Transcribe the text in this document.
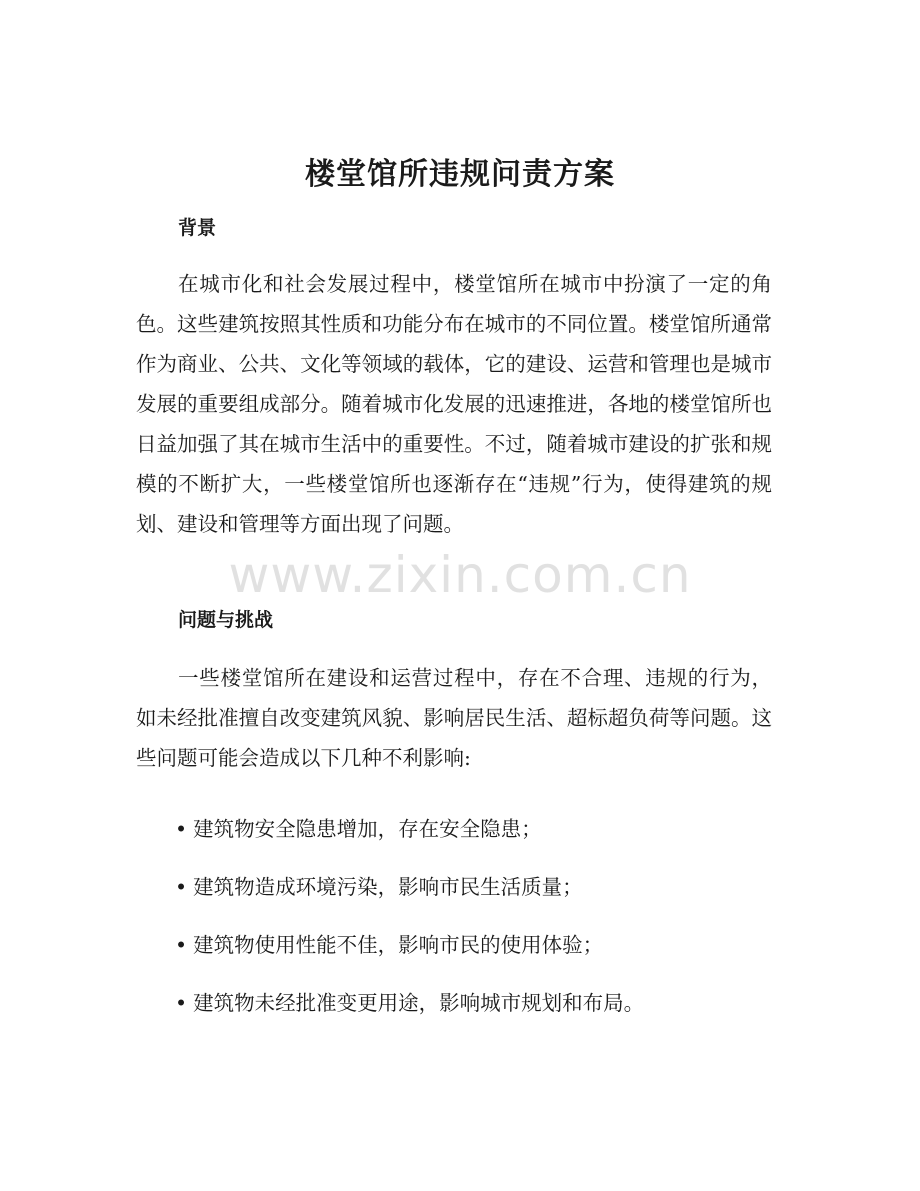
楼堂馆所违规问责方案
背景

在城市化和社会发展过程中，楼堂馆所在城市中扮演了一定的角色。这些建筑按照其性质和功能分布在城市的不同位置。楼堂馆所通常作为商业、公共、文化等领域的载体，它的建设、运营和管理也是城市发展的重要组成部分。随着城市化发展的迅速推进，各地的楼堂馆所也日益加强了其在城市生活中的重要性。不过，随着城市建设的扩张和规模的不断扩大，一些楼堂馆所也逐渐存在“违规”行为，使得建筑的规划、建设和管理等方面出现了问题。

问题与挑战

一些楼堂馆所在建设和运营过程中，存在不合理、违规的行为，如未经批准擅自改变建筑风貌、影响居民生活、超标超负荷等问题。这些问题可能会造成以下几种不利影响:

• 建筑物安全隐患增加，存在安全隐患；
• 建筑物造成环境污染，影响市民生活质量；
• 建筑物使用性能不佳，影响市民的使用体验；
• 建筑物未经批准变更用途，影响城市规划和布局。
www.zixin.com.cn
